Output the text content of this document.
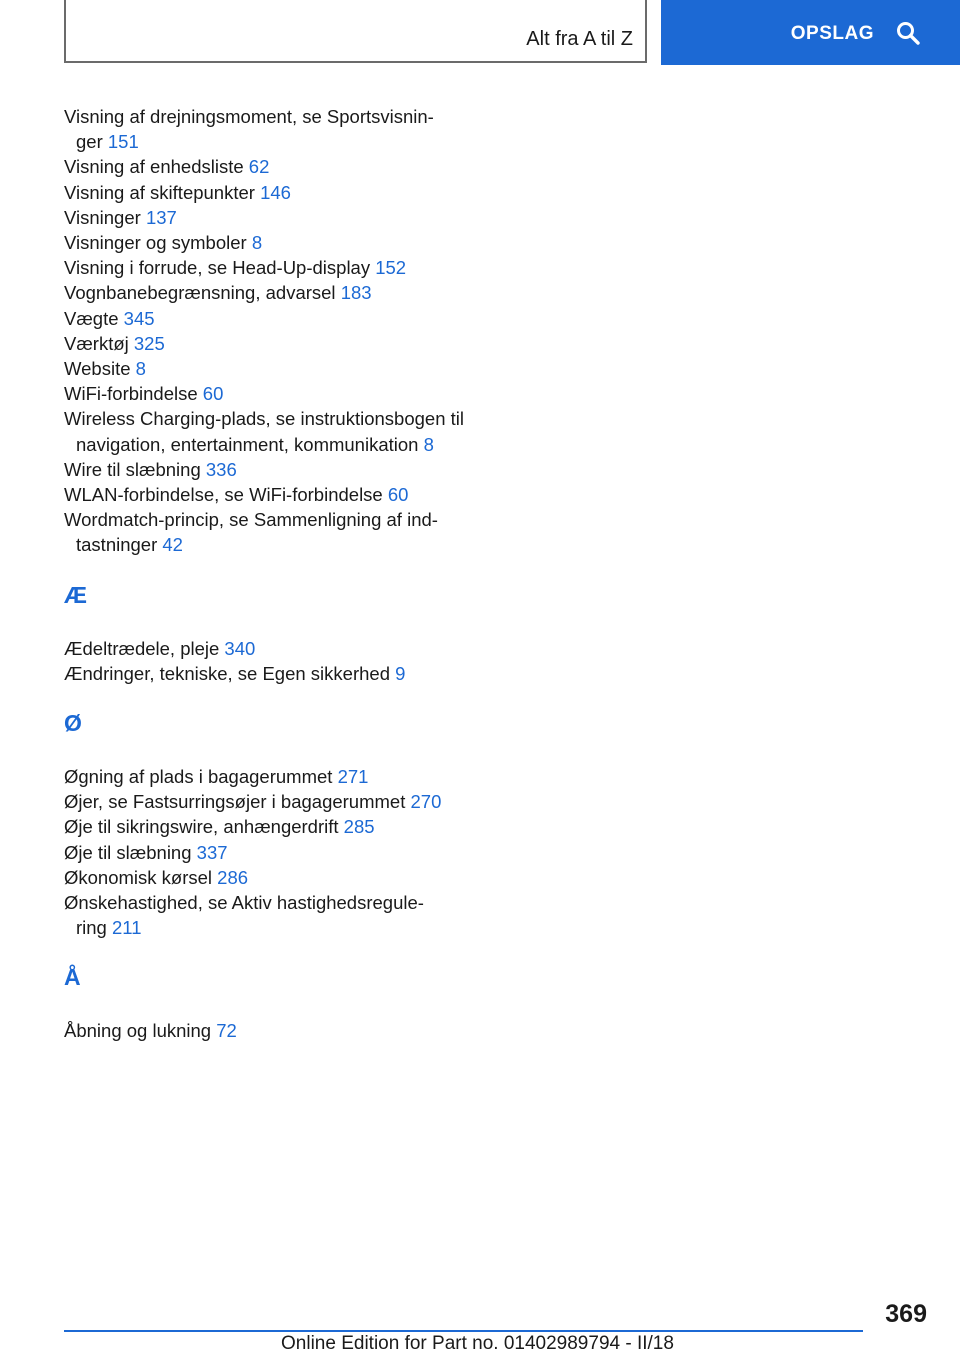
Alt fra A til Z	OPSLAG
Visning af drejningsmoment, se Sportsvisnin-
ger 151
Visning af enhedsliste 62
Visning af skiftepunkter 146
Visninger 137
Visninger og symboler 8
Visning i forrude, se Head-Up-display 152
Vognbanebegrænsning, advarsel 183
Vægte 345
Værktøj 325
Website 8
WiFi-forbindelse 60
Wireless Charging-plads, se instruktionsbogen til
navigation, entertainment, kommunikation 8
Wire til slæbning 336
WLAN-forbindelse, se WiFi-forbindelse 60
Wordmatch-princip, se Sammenligning af ind-
tastninger 42
Æ
Ædeltrædele, pleje 340
Ændringer, tekniske, se Egen sikkerhed 9
Ø
Øgning af plads i bagagerummet 271
Øjer, se Fastsurringsøjer i bagagerummet 270
Øje til sikringswire, anhængerdrift 285
Øje til slæbning 337
Økonomisk kørsel 286
Ønskehastighed, se Aktiv hastighedsregule-
ring 211
Å
Åbning og lukning 72
369
Online Edition for Part no. 01402989794 - II/18
